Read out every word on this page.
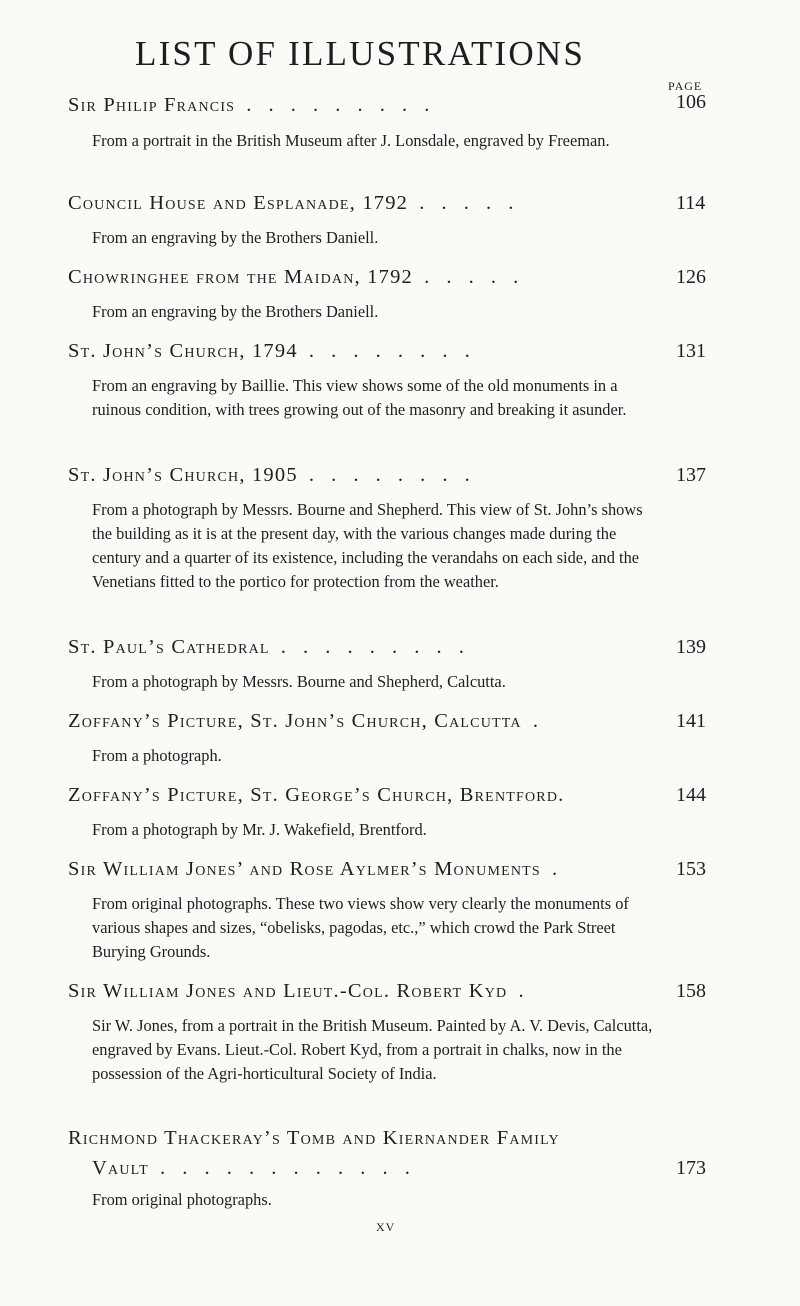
LIST OF ILLUSTRATIONS
PAGE
Sir Philip Francis . . . . . . . . .	106

From a portrait in the British Museum after J. Lonsdale, engraved by Freeman.

Council House and Esplanade, 1792 . . . . .	114

From an engraving by the Brothers Daniell.

Chowringhee from the Maidan, 1792 . . . . .	126

From an engraving by the Brothers Daniell.

St. John’s Church, 1794 . . . . . . . .	131

From an engraving by Baillie. This view shows some of the old monuments in a ruinous condition, with trees growing out of the masonry and breaking it asunder.

St. John’s Church, 1905 . . . . . . . .	137

From a photograph by Messrs. Bourne and Shepherd. This view of St. John’s shows the building as it is at the present day, with the various changes made during the century and a quarter of its existence, including the verandahs on each side, and the Venetians fitted to the portico for protection from the weather.

St. Paul’s Cathedral . . . . . . . . .	139

From a photograph by Messrs. Bourne and Shepherd, Calcutta.

Zoffany’s Picture, St. John’s Church, Calcutta .	141

From a photograph.

Zoffany’s Picture, St. George’s Church, Brentford.	144

From a photograph by Mr. J. Wakefield, Brentford.

Sir William Jones’ and Rose Aylmer’s Monuments .	153

From original photographs. These two views show very clearly the monuments of various shapes and sizes, “obelisks, pagodas, etc.,” which crowd the Park Street Burying Grounds.

Sir William Jones and Lieut.-Col. Robert Kyd .	158

Sir W. Jones, from a portrait in the British Museum. Painted by A. V. Devis, Calcutta, engraved by Evans. Lieut.-Col. Robert Kyd, from a portrait in chalks, now in the possession of the Agri-horticultural Society of India.

Richmond Thackeray’s Tomb and Kiernander Family
Vault . . . . . . . . . . . .	173

From original photographs.

xv
